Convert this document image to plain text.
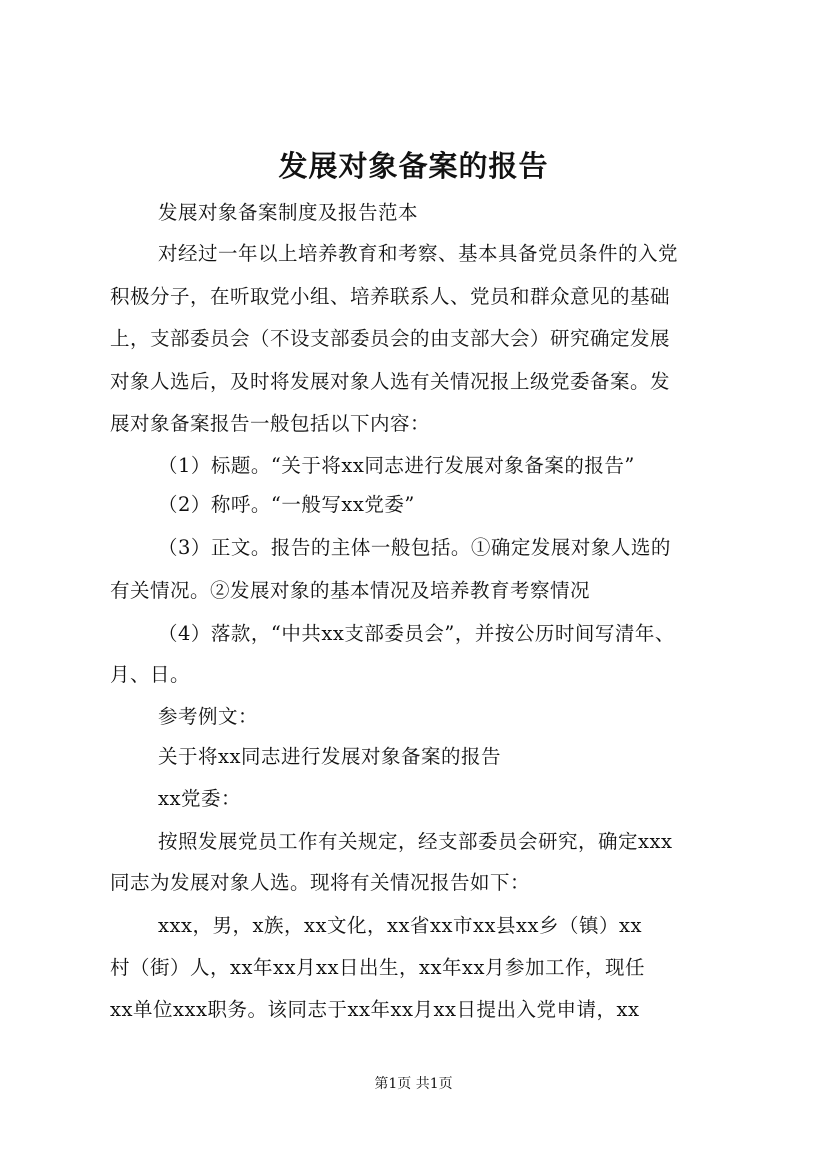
发展对象备案的报告
发展对象备案制度及报告范本
对经过一年以上培养教育和考察、基本具备党员条件的入党
积极分子，在听取党小组、培养联系人、党员和群众意见的基础
上，支部委员会（不设支部委员会的由支部大会）研究确定发展
对象人选后，及时将发展对象人选有关情况报上级党委备案。发
展对象备案报告一般包括以下内容：
（1）标题。“关于将xx同志进行发展对象备案的报告”
（2）称呼。“一般写xx党委”
（3）正文。报告的主体一般包括。①确定发展对象人选的
有关情况。②发展对象的基本情况及培养教育考察情况
（4）落款，“中共xx支部委员会”，并按公历时间写清年、
月、日。
参考例文：
关于将xx同志进行发展对象备案的报告
xx党委：
按照发展党员工作有关规定，经支部委员会研究，确定xxx
同志为发展对象人选。现将有关情况报告如下：
xxx，男，x族，xx文化，xx省xx市xx县xx乡（镇）xx
村（街）人，xx年xx月xx日出生，xx年xx月参加工作，现任
xx单位xxx职务。该同志于xx年xx月xx日提出入党申请，xx
第1页 共1页
